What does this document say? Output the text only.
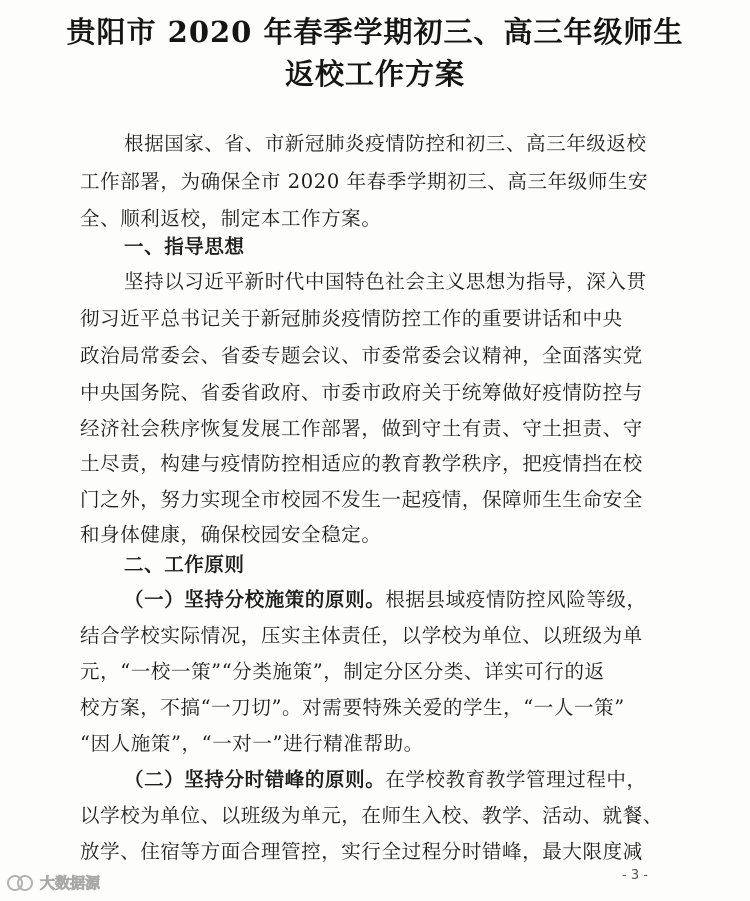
贵阳市 2020 年春季学期初三、高三年级师生
返校工作方案
根据国家、省、市新冠肺炎疫情防控和初三、高三年级返校
工作部署，为确保全市 2020 年春季学期初三、高三年级师生安
全、顺利返校，制定本工作方案。
一、指导思想
坚持以习近平新时代中国特色社会主义思想为指导，深入贯
彻习近平总书记关于新冠肺炎疫情防控工作的重要讲话和中央
政治局常委会、省委专题会议、市委常委会议精神，全面落实党
中央国务院、省委省政府、市委市政府关于统筹做好疫情防控与
经济社会秩序恢复发展工作部署，做到守土有责、守土担责、守
土尽责，构建与疫情防控相适应的教育教学秩序，把疫情挡在校
门之外，努力实现全市校园不发生一起疫情，保障师生生命安全
和身体健康，确保校园安全稳定。
二、工作原则
（一）坚持分校施策的原则。根据县域疫情防控风险等级，
结合学校实际情况，压实主体责任，以学校为单位、以班级为单
元，“一校一策”“分类施策”，制定分区分类、详实可行的返
校方案，不搞“一刀切”。对需要特殊关爱的学生，“一人一策”
“因人施策”，“一对一”进行精准帮助。
（二）坚持分时错峰的原则。在学校教育教学管理过程中，
以学校为单位、以班级为单元，在师生入校、教学、活动、就餐、
放学、住宿等方面合理管控，实行全过程分时错峰，最大限度减
- 3 -
大数据源
